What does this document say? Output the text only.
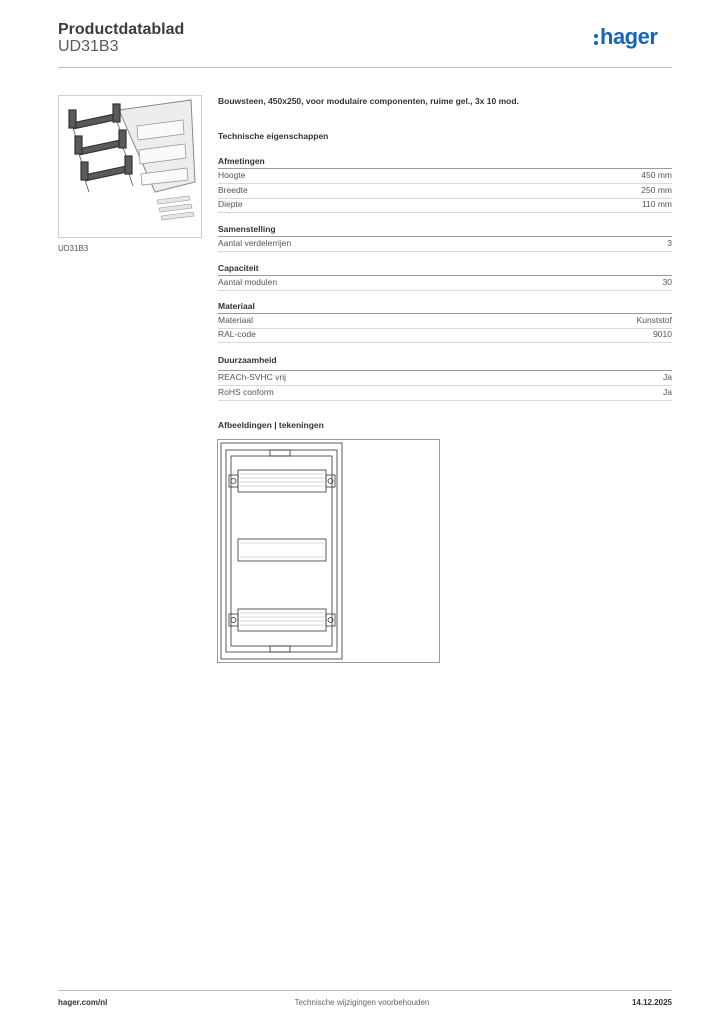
Productdatablad
UD31B3	hager
UD31B3
Bouwsteen, 450x250, voor modulaire componenten, ruime gel., 3x 10 mod.
Technische eigenschappen
Afmetingen
Hoogte	450 mm
Breedte	250 mm
Diepte	110 mm
Samenstelling
Aantal verdelerrijen	3
Capaciteit
Aantal modulen	30
Materiaal
Materiaal	Kunststof
RAL-code	9010
Duurzaamheid
REACh-SVHC vrij	Ja
RoHS conform	Ja
Afbeeldingen | tekeningen
hager.com/nl	Technische wijzigingen voorbehouden	14.12.2025
